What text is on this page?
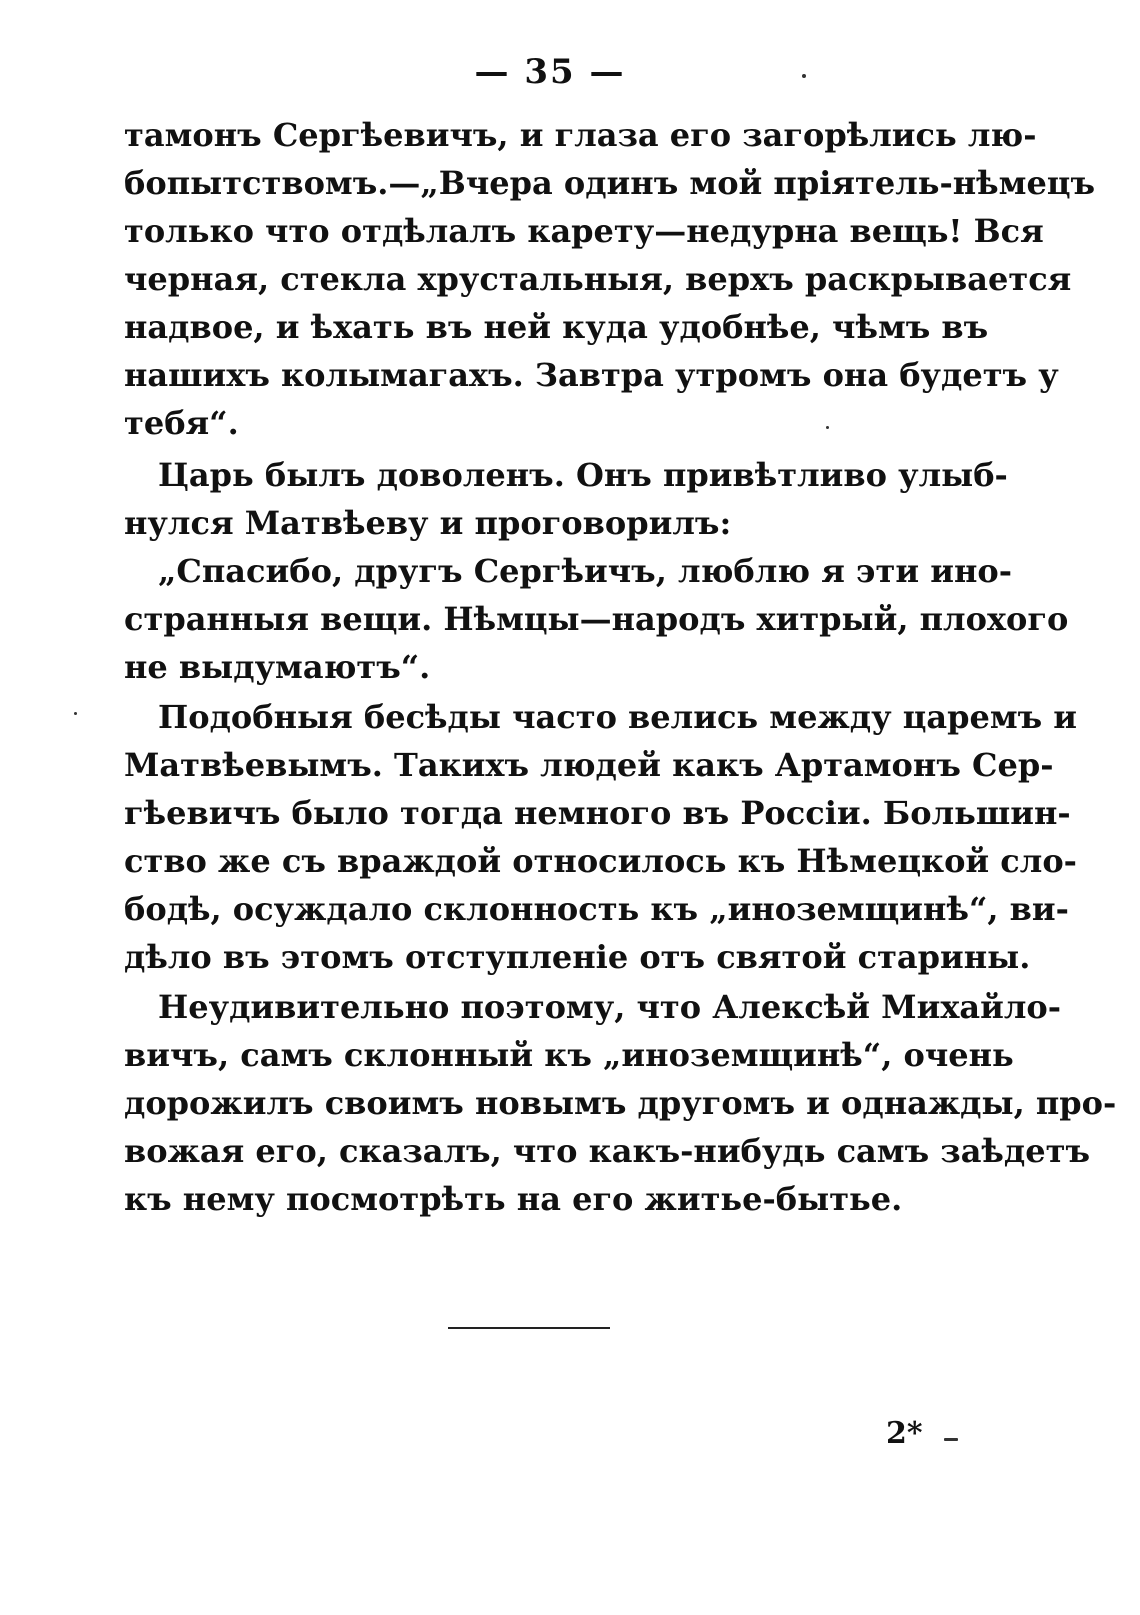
— 35 —
тамонъ Сергѣевичъ, и глаза его загорѣлись лю-
бопытствомъ.—„Вчера одинъ мой пріятель-нѣмецъ
только что отдѣлалъ карету—недурна вещь! Вся
черная, стекла хрустальныя, верхъ раскрывается
надвое, и ѣхать въ ней куда удобнѣе, чѣмъ въ
нашихъ колымагахъ. Завтра утромъ она будетъ у
тебя“.
Царь былъ доволенъ. Онъ привѣтливо улыб-
нулся Матвѣеву и проговорилъ:
„Спасибо, другъ Сергѣичъ, люблю я эти ино-
странныя вещи. Нѣмцы—народъ хитрый, плохого
не выдумаютъ“.
Подобныя бесѣды часто велись между царемъ и
Матвѣевымъ. Такихъ людей какъ Артамонъ Сер-
гѣевичъ было тогда немного въ Россіи. Большин-
ство же съ враждой относилось къ Нѣмецкой сло-
бодѣ, осуждало склонность къ „иноземщинѣ“, ви-
дѣло въ этомъ отступленіе отъ святой старины.
Неудивительно поэтому, что Алексѣй Михайло-
вичъ, самъ склонный къ „иноземщинѣ“, очень
дорожилъ своимъ новымъ другомъ и однажды, про-
вожая его, сказалъ, что какъ-нибудь самъ заѣдетъ
къ нему посмотрѣть на его житье-бытье.
2*
